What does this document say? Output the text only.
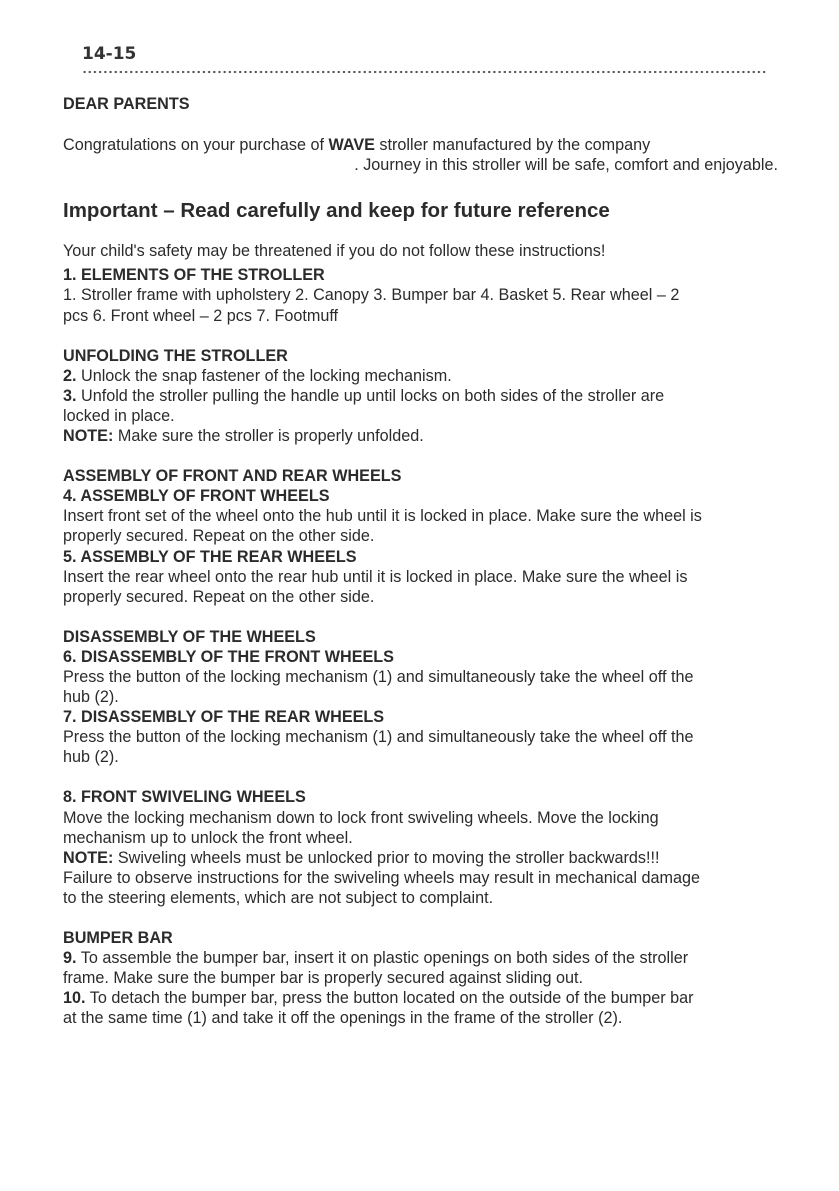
14-15

DEAR PARENTS

Congratulations on your purchase of WAVE stroller manufactured by the company

. Journey in this stroller will be safe, comfort and enjoyable.

Important – Read carefully and keep for future reference

Your child's safety may be threatened if you do not follow these instructions!

1. ELEMENTS OF THE STROLLER

1. Stroller frame with upholstery 2. Canopy 3. Bumper bar 4. Basket 5. Rear wheel – 2

pcs 6. Front wheel – 2 pcs 7. Footmuff

UNFOLDING THE STROLLER

2. Unlock the snap fastener of the locking mechanism.

3. Unfold the stroller pulling the handle up until locks on both sides of the stroller are

locked in place.

NOTE: Make sure the stroller is properly unfolded.

ASSEMBLY OF FRONT AND REAR WHEELS

4. ASSEMBLY OF FRONT WHEELS

Insert front set of the wheel onto the hub until it is locked in place. Make sure the wheel is

properly secured. Repeat on the other side.

5. ASSEMBLY OF THE REAR WHEELS

Insert the rear wheel onto the rear hub until it is locked in place. Make sure the wheel is

properly secured. Repeat on the other side.

DISASSEMBLY OF THE WHEELS

6. DISASSEMBLY OF THE FRONT WHEELS

Press the button of the locking mechanism (1) and simultaneously take the wheel off the

hub (2).

7. DISASSEMBLY OF THE REAR WHEELS

Press the button of the locking mechanism (1) and simultaneously take the wheel off the

hub (2).

8. FRONT SWIVELING WHEELS

Move the locking mechanism down to lock front swiveling wheels. Move the locking

mechanism up to unlock the front wheel.

NOTE: Swiveling wheels must be unlocked prior to moving the stroller backwards!!!

Failure to observe instructions for the swiveling wheels may result in mechanical damage

to the steering elements, which are not subject to complaint.

BUMPER BAR

9. To assemble the bumper bar, insert it on plastic openings on both sides of the stroller

frame. Make sure the bumper bar is properly secured against sliding out.

10. To detach the bumper bar, press the button located on the outside of the bumper bar

at the same time (1) and take it off the openings in the frame of the stroller (2).
